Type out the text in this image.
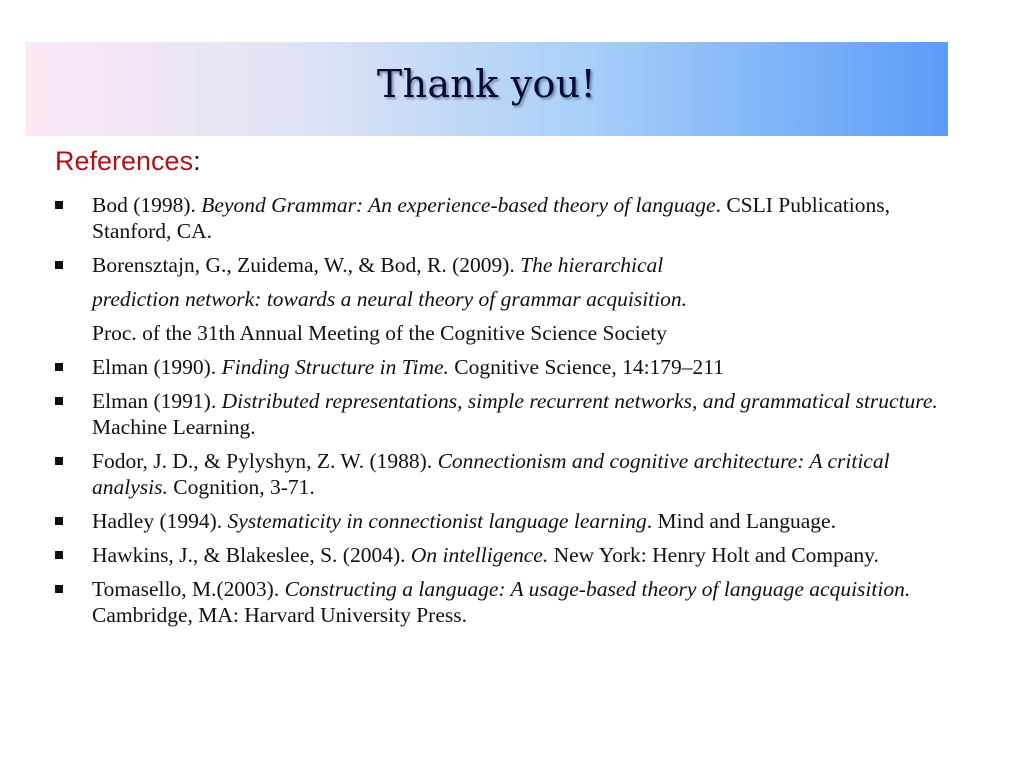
Thank you!
References:
Bod (1998). Beyond Grammar: An experience-based theory of language. CSLI Publications, Stanford, CA.
Borensztajn, G., Zuidema, W., & Bod, R. (2009). The hierarchical
prediction network: towards a neural theory of grammar acquisition.
Proc. of the 31th Annual Meeting of the Cognitive Science Society
Elman (1990). Finding Structure in Time. Cognitive Science, 14:179–211
Elman (1991). Distributed representations, simple recurrent networks, and grammatical structure. Machine Learning.
Fodor, J. D., & Pylyshyn, Z. W. (1988). Connectionism and cognitive architecture: A critical analysis. Cognition, 3-71.
Hadley (1994). Systematicity in connectionist language learning. Mind and Language.
Hawkins, J., & Blakeslee, S. (2004). On intelligence. New York: Henry Holt and Company.
Tomasello, M.(2003). Constructing a language: A usage-based theory of language acquisition. Cambridge, MA: Harvard University Press.
